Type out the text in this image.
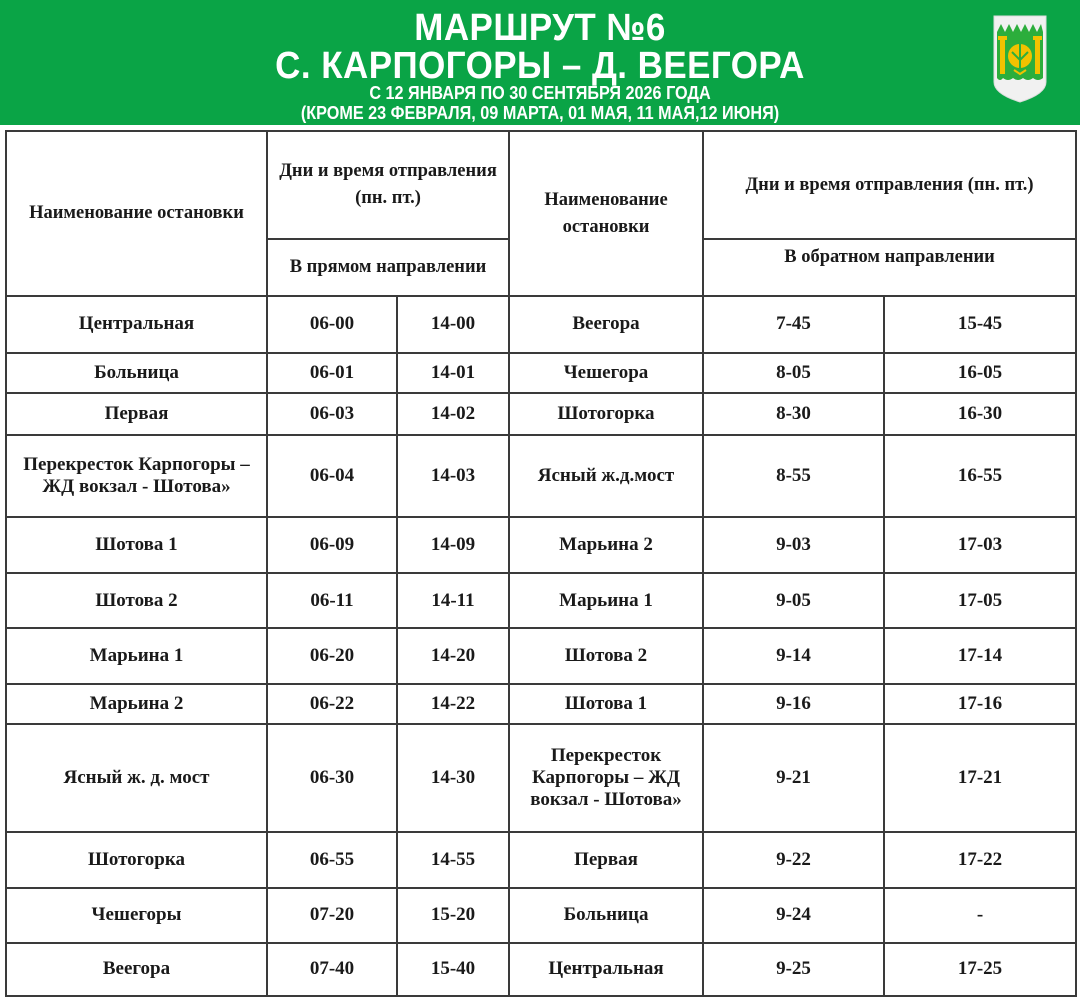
МАРШРУТ №6
С. КАРПОГОРЫ – Д. ВЕЕГОРА
С 12 ЯНВАРЯ ПО 30 СЕНТЯБРЯ 2026 ГОДА
(КРОМЕ 23 ФЕВРАЛЯ, 09 МАРТА, 01 МАЯ, 11 МАЯ,12 ИЮНЯ)
Наименование остановки	Дни и время отправления (пн. пт.)		Наименование остановки	Дни и время отправления (пн. пт.)	
	В прямом направлении			В обратном направлении	
Центральная	06-00	14-00	Веегора	7-45	15-45
Больница	06-01	14-01	Чешегора	8-05	16-05
Первая	06-03	14-02	Шотогорка	8-30	16-30
Перекресток Карпогоры – ЖД вокзал - Шотова»	06-04	14-03	Ясный ж.д.мост	8-55	16-55
Шотова 1	06-09	14-09	Марьина 2	9-03	17-03
Шотова 2	06-11	14-11	Марьина 1	9-05	17-05
Марьина 1	06-20	14-20	Шотова 2	9-14	17-14
Марьина 2	06-22	14-22	Шотова 1	9-16	17-16
Ясный ж. д. мост	06-30	14-30	Перекресток Карпогоры – ЖД вокзал - Шотова»	9-21	17-21
Шотогорка	06-55	14-55	Первая	9-22	17-22
Чешегоры	07-20	15-20	Больница	9-24	-
Веегора	07-40	15-40	Центральная	9-25	17-25
